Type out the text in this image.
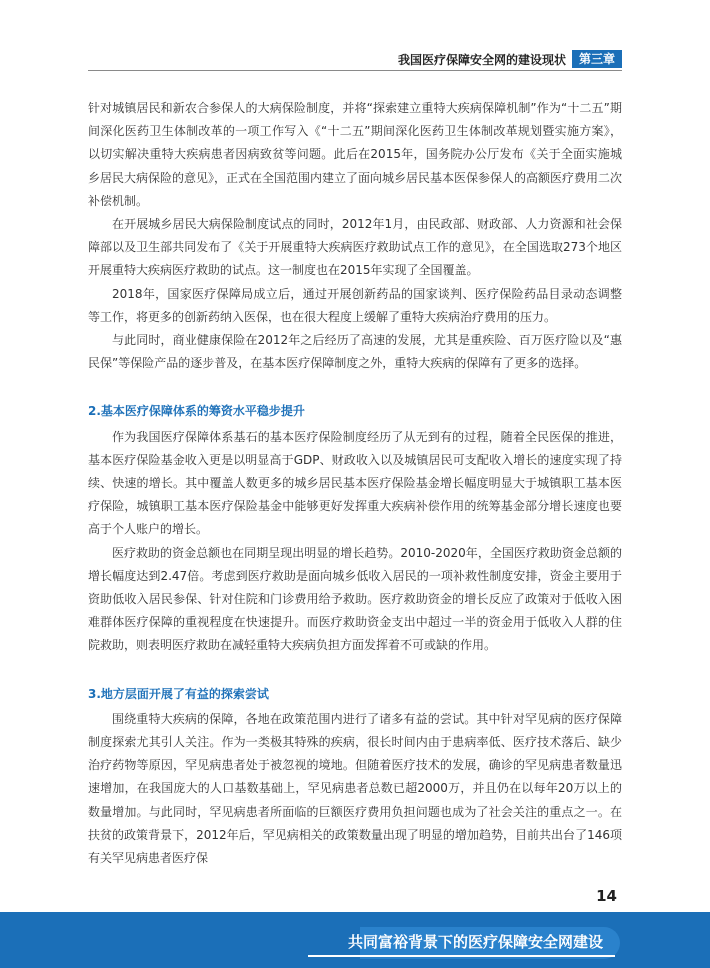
我国医疗保障安全网的建设现状	第三章

针对城镇居民和新农合参保人的大病保险制度，并将“探索建立重特大疾病保障机制”作为“十二五”期间深化医药卫生体制改革的一项工作写入《“十二五”期间深化医药卫生体制改革规划暨实施方案》，以切实解决重特大疾病患者因病致贫等问题。此后在2015年，国务院办公厅发布《关于全面实施城乡居民大病保险的意见》，正式在全国范围内建立了面向城乡居民基本医保参保人的高额医疗费用二次补偿机制。

在开展城乡居民大病保险制度试点的同时，2012年1月，由民政部、财政部、人力资源和社会保障部以及卫生部共同发布了《关于开展重特大疾病医疗救助试点工作的意见》，在全国选取273个地区开展重特大疾病医疗救助的试点。这一制度也在2015年实现了全国覆盖。

2018年，国家医疗保障局成立后，通过开展创新药品的国家谈判、医疗保险药品目录动态调整等工作，将更多的创新药纳入医保，也在很大程度上缓解了重特大疾病治疗费用的压力。

与此同时，商业健康保险在2012年之后经历了高速的发展，尤其是重疾险、百万医疗险以及“惠民保”等保险产品的逐步普及，在基本医疗保障制度之外，重特大疾病的保障有了更多的选择。

2.基本医疗保障体系的筹资水平稳步提升

作为我国医疗保障体系基石的基本医疗保险制度经历了从无到有的过程，随着全民医保的推进，基本医疗保险基金收入更是以明显高于GDP、财政收入以及城镇居民可支配收入增长的速度实现了持续、快速的增长。其中覆盖人数更多的城乡居民基本医疗保险基金增长幅度明显大于城镇职工基本医疗保险，城镇职工基本医疗保险基金中能够更好发挥重大疾病补偿作用的统筹基金部分增长速度也要高于个人账户的增长。

医疗救助的资金总额也在同期呈现出明显的增长趋势。2010-2020年，全国医疗救助资金总额的增长幅度达到2.47倍。考虑到医疗救助是面向城乡低收入居民的一项补救性制度安排，资金主要用于资助低收入居民参保、针对住院和门诊费用给予救助。医疗救助资金的增长反应了政策对于低收入困难群体医疗保障的重视程度在快速提升。而医疗救助资金支出中超过一半的资金用于低收入人群的住院救助，则表明医疗救助在减轻重特大疾病负担方面发挥着不可或缺的作用。

3.地方层面开展了有益的探索尝试

围绕重特大疾病的保障，各地在政策范围内进行了诸多有益的尝试。其中针对罕见病的医疗保障制度探索尤其引人关注。作为一类极其特殊的疾病，很长时间内由于患病率低、医疗技术落后、缺少治疗药物等原因，罕见病患者处于被忽视的境地。但随着医疗技术的发展，确诊的罕见病患者数量迅速增加，在我国庞大的人口基数基础上，罕见病患者总数已超2000万，并且仍在以每年20万以上的数量增加。与此同时，罕见病患者所面临的巨额医疗费用负担问题也成为了社会关注的重点之一。在扶贫的政策背景下，2012年后，罕见病相关的政策数量出现了明显的增加趋势，目前共出台了146项有关罕见病患者医疗保

14
共同富裕背景下的医疗保障安全网建设
